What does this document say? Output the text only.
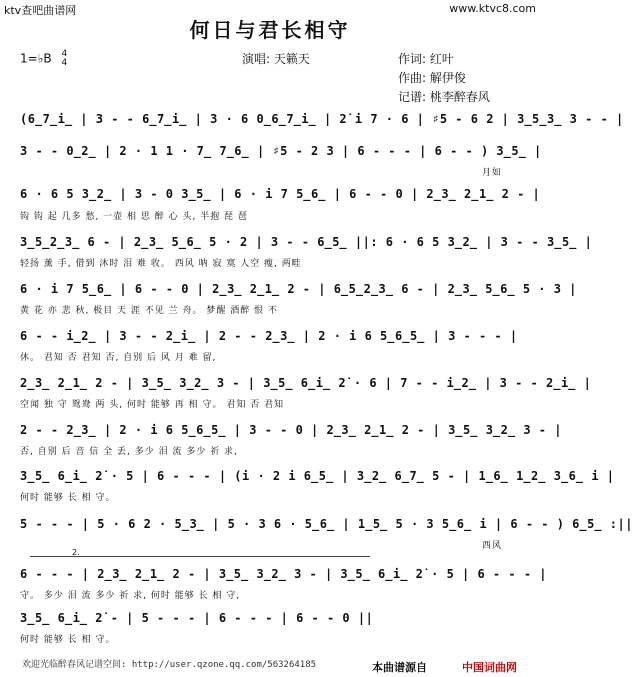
ktv查吧曲谱网	www.ktvc8.com
何日与君长相守
1=♭B 4
4	演唱: 天籁天	作词: 红叶
作曲: 解伊俊
记谱: 桃李醉春风
(6̲7̲i̲ | 3 - - 6̲7̲i̲ | 3 · 6 0̲6̲7̲i̲ | 2̇ i 7 · 6 | ♯5 - 6 2 | 3̲5̲3̲ 3 - - |
3 - - 0̲2̲ | 2 · 1 1 · 7̲ 7̲6̲ | ♯5 - 2 3 | 6 - - - | 6 - - ) 3̲5̲ |
月如
6 · 6 5 3̲2̲ | 3 - 0 3̲5̲ | 6 · i 7 5̲6̲ | 6 - - 0 | 2̲3̲ 2̲1̲ 2 - |
钩 钩 起 几多 愁, 一壶 相 思 醉 心 头, 半抱 琵 琶
3̲5̲2̲3̲ 6 - | 2̲3̲ 5̲6̲ 5 · 2 | 3 - - 6̲5̲ ||: 6 · 6 5 3̲2̲ | 3 - - 3̲5̲ |
轻扬 薰 手, 借到 沐时 泪 难 收。 西风 呐 寂 寞 人空 瘦, 两畦
6 · i 7 5̲6̲ | 6 - - 0 | 2̲3̲ 2̲1̲ 2 - | 6̲5̲2̲3̲ 6 - | 2̲3̲ 5̲6̲ 5 · 3 |
黄 花 亦 悲 秋, 极目 天 涯 不见 兰 舟。 梦醒 酒醉 恨 不
6 - - i̲2̲ | 3 - - 2̲i̲ | 2 - - 2̲3̲ | 2 · i 6 5̲6̲5̲ | 3 - - - |
休。 君知 否 君知 否, 自别 后 风 月 难 留,
2̲3̲ 2̲1̲ 2 - | 3̲5̲ 3̲2̲ 3 - | 3̲5̲ 6̲i̲ 2̇ · 6 | 7 - - i̲2̲ | 3 - - 2̲i̲ |
空闻 独 守 鸳鸯 两 头, 何时 能够 再 相 守。 君知 否 君知
2 - - 2̲3̲ | 2 · i 6 5̲6̲5̲ | 3 - - 0 | 2̲3̲ 2̲1̲ 2 - | 3̲5̲ 3̲2̲ 3 - |
否, 自别 后 音 信 全 丢, 多少 泪 流 多少 祈 求,
3̲5̲ 6̲i̲ 2̇ · 5 | 6 - - - | (i · 2 i 6̲5̲ | 3̲2̲ 6̲7̲ 5 - | 1̲6̲ 1̲2̲ 3̲6̲ i |
何时 能够 长 相 守。
5 - - - | 5 · 6 2 · 5̲3̲ | 5 · 3 6 · 5̲6̲ | 1̲5̲ 5 · 3 5̲6̲ i | 6 - - ) 6̲5̲ :||
西风
2.
6 - - - | 2̲3̲ 2̲1̲ 2 - | 3̲5̲ 3̲2̲ 3 - | 3̲5̲ 6̲i̲ 2̇ · 5 | 6 - - - |
守。 多少 泪 流 多少 祈 求, 何时 能够 长 相 守,
3̲5̲ 6̲i̲ 2̇ - | 5 - - - | 6 - - - | 6 - - 0 ||
何时 能够 长 相 守。
欢迎光临醉春风记谱空间: http://user.qzone.qq.com/563264185	本曲谱源自	中国词曲网
